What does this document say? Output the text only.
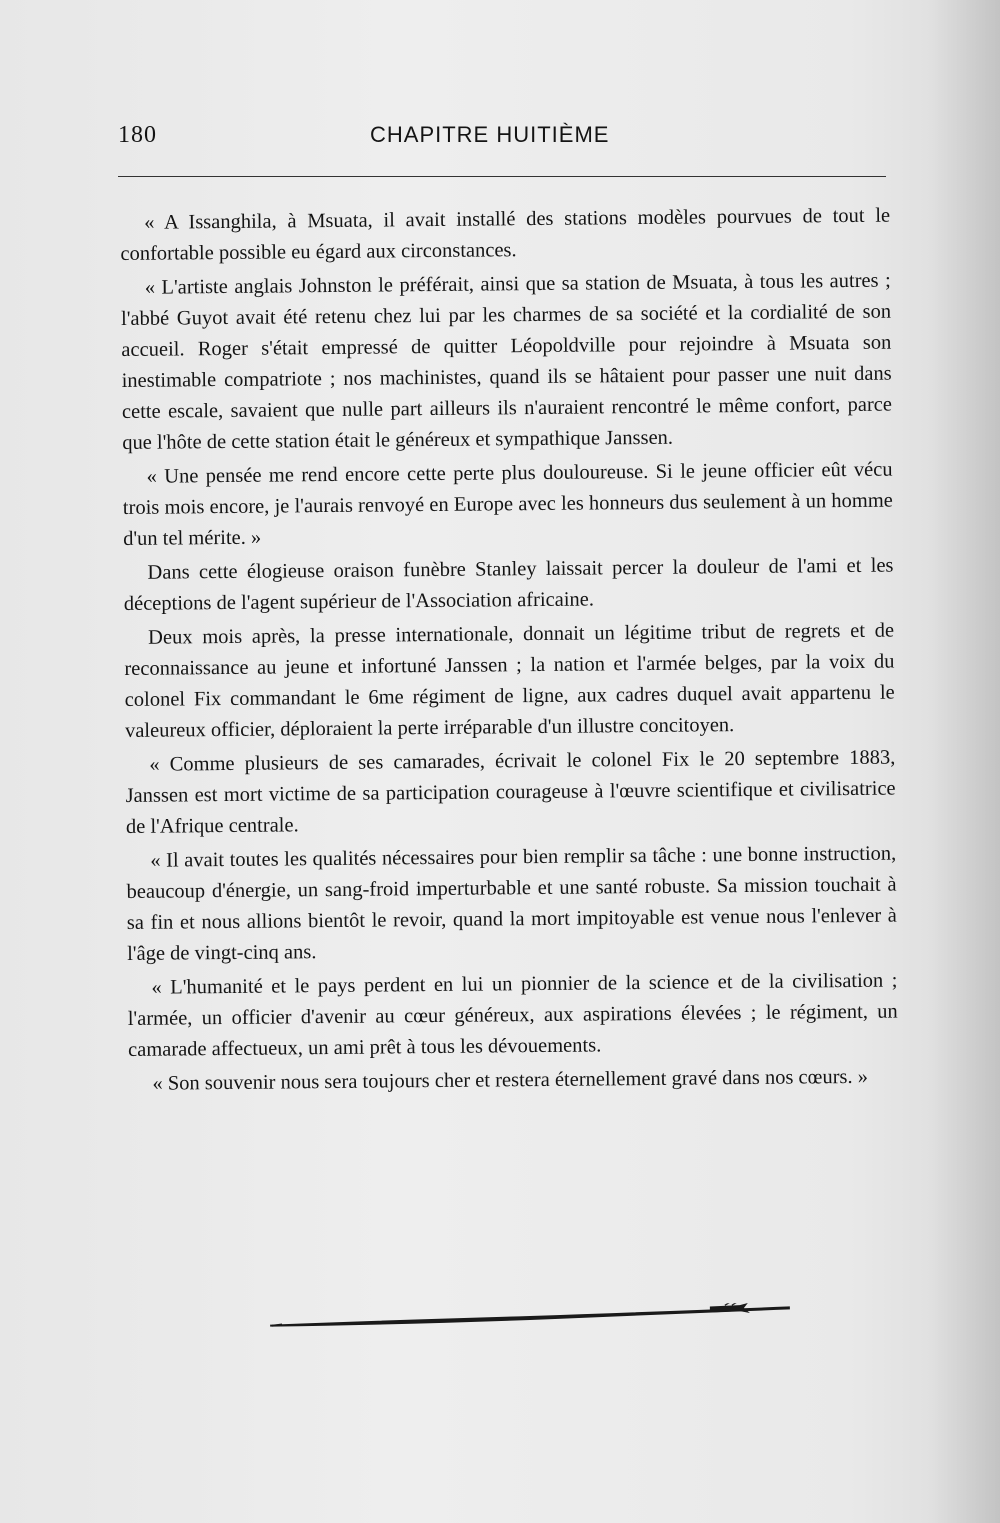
180	CHAPITRE HUITIÈME

« A Issanghila, à Msuata, il avait installé des stations modèles pourvues de tout le confortable possible eu égard aux circonstances.

« L'artiste anglais Johnston le préférait, ainsi que sa station de Msuata, à tous les autres ; l'abbé Guyot avait été retenu chez lui par les charmes de sa société et la cordialité de son accueil. Roger s'était empressé de quitter Léopoldville pour rejoindre à Msuata son inestimable compatriote ; nos machinistes, quand ils se hâtaient pour passer une nuit dans cette escale, savaient que nulle part ailleurs ils n'auraient rencontré le même confort, parce que l'hôte de cette station était le généreux et sympathique Janssen.

« Une pensée me rend encore cette perte plus douloureuse. Si le jeune officier eût vécu trois mois encore, je l'aurais renvoyé en Europe avec les honneurs dus seulement à un homme d'un tel mérite. »

Dans cette élogieuse oraison funèbre Stanley laissait percer la douleur de l'ami et les déceptions de l'agent supérieur de l'Association africaine.

Deux mois après, la presse internationale, donnait un légitime tribut de regrets et de reconnaissance au jeune et infortuné Janssen ; la nation et l'armée belges, par la voix du colonel Fix commandant le 6me régiment de ligne, aux cadres duquel avait appartenu le valeureux officier, déploraient la perte irréparable d'un illustre concitoyen.

« Comme plusieurs de ses camarades, écrivait le colonel Fix le 20 septembre 1883, Janssen est mort victime de sa participation courageuse à l'œuvre scientifique et civilisatrice de l'Afrique centrale.

« Il avait toutes les qualités nécessaires pour bien remplir sa tâche : une bonne instruction, beaucoup d'énergie, un sang-froid imperturbable et une santé robuste. Sa mission touchait à sa fin et nous allions bientôt le revoir, quand la mort impitoyable est venue nous l'enlever à l'âge de vingt-cinq ans.

« L'humanité et le pays perdent en lui un pionnier de la science et de la civilisation ; l'armée, un officier d'avenir au cœur généreux, aux aspirations élevées ; le régiment, un camarade affectueux, un ami prêt à tous les dévouements.

« Son souvenir nous sera toujours cher et restera éternellement gravé dans nos cœurs. »
